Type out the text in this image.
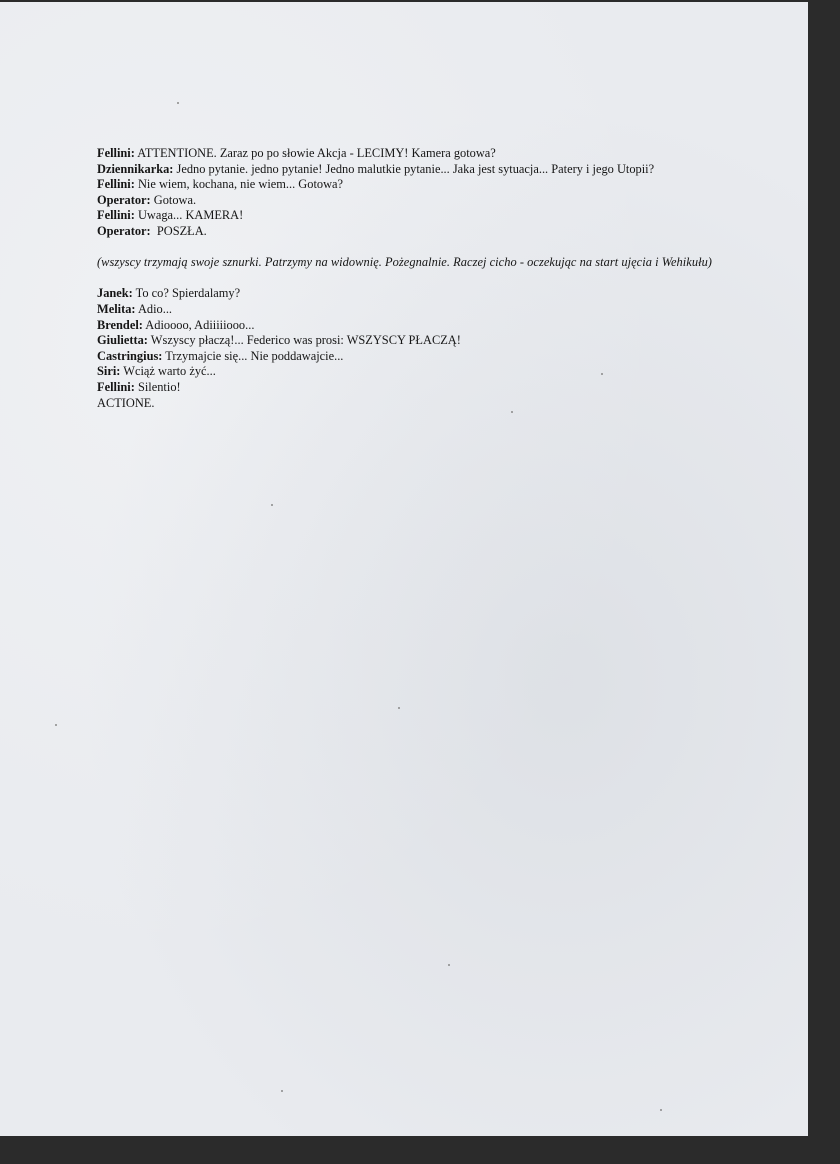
Fellini: ATTENTIONE. Zaraz po po słowie Akcja - LECIMY! Kamera gotowa?
Dziennikarka: Jedno pytanie. jedno pytanie! Jedno malutkie pytanie... Jaka jest sytuacja... Patery i jego Utopii?
Fellini: Nie wiem, kochana, nie wiem... Gotowa?
Operator: Gotowa.
Fellini: Uwaga... KAMERA!
Operator:  POSZŁA.
(wszyscy trzymają swoje sznurki. Patrzymy na widownię. Pożegnalnie. Raczej cicho - oczekując na start ujęcia i Wehikułu)
Janek: To co? Spierdalamy?
Melita: Adio...
Brendel: Adioooo, Adiiiiiooo...
Giulietta: Wszyscy płaczą!... Federico was prosi: WSZYSCY PŁACZĄ!
Castringius: Trzymajcie się... Nie poddawajcie...
Siri: Wciąż warto żyć...
Fellini: Silentio!
ACTIONE.
